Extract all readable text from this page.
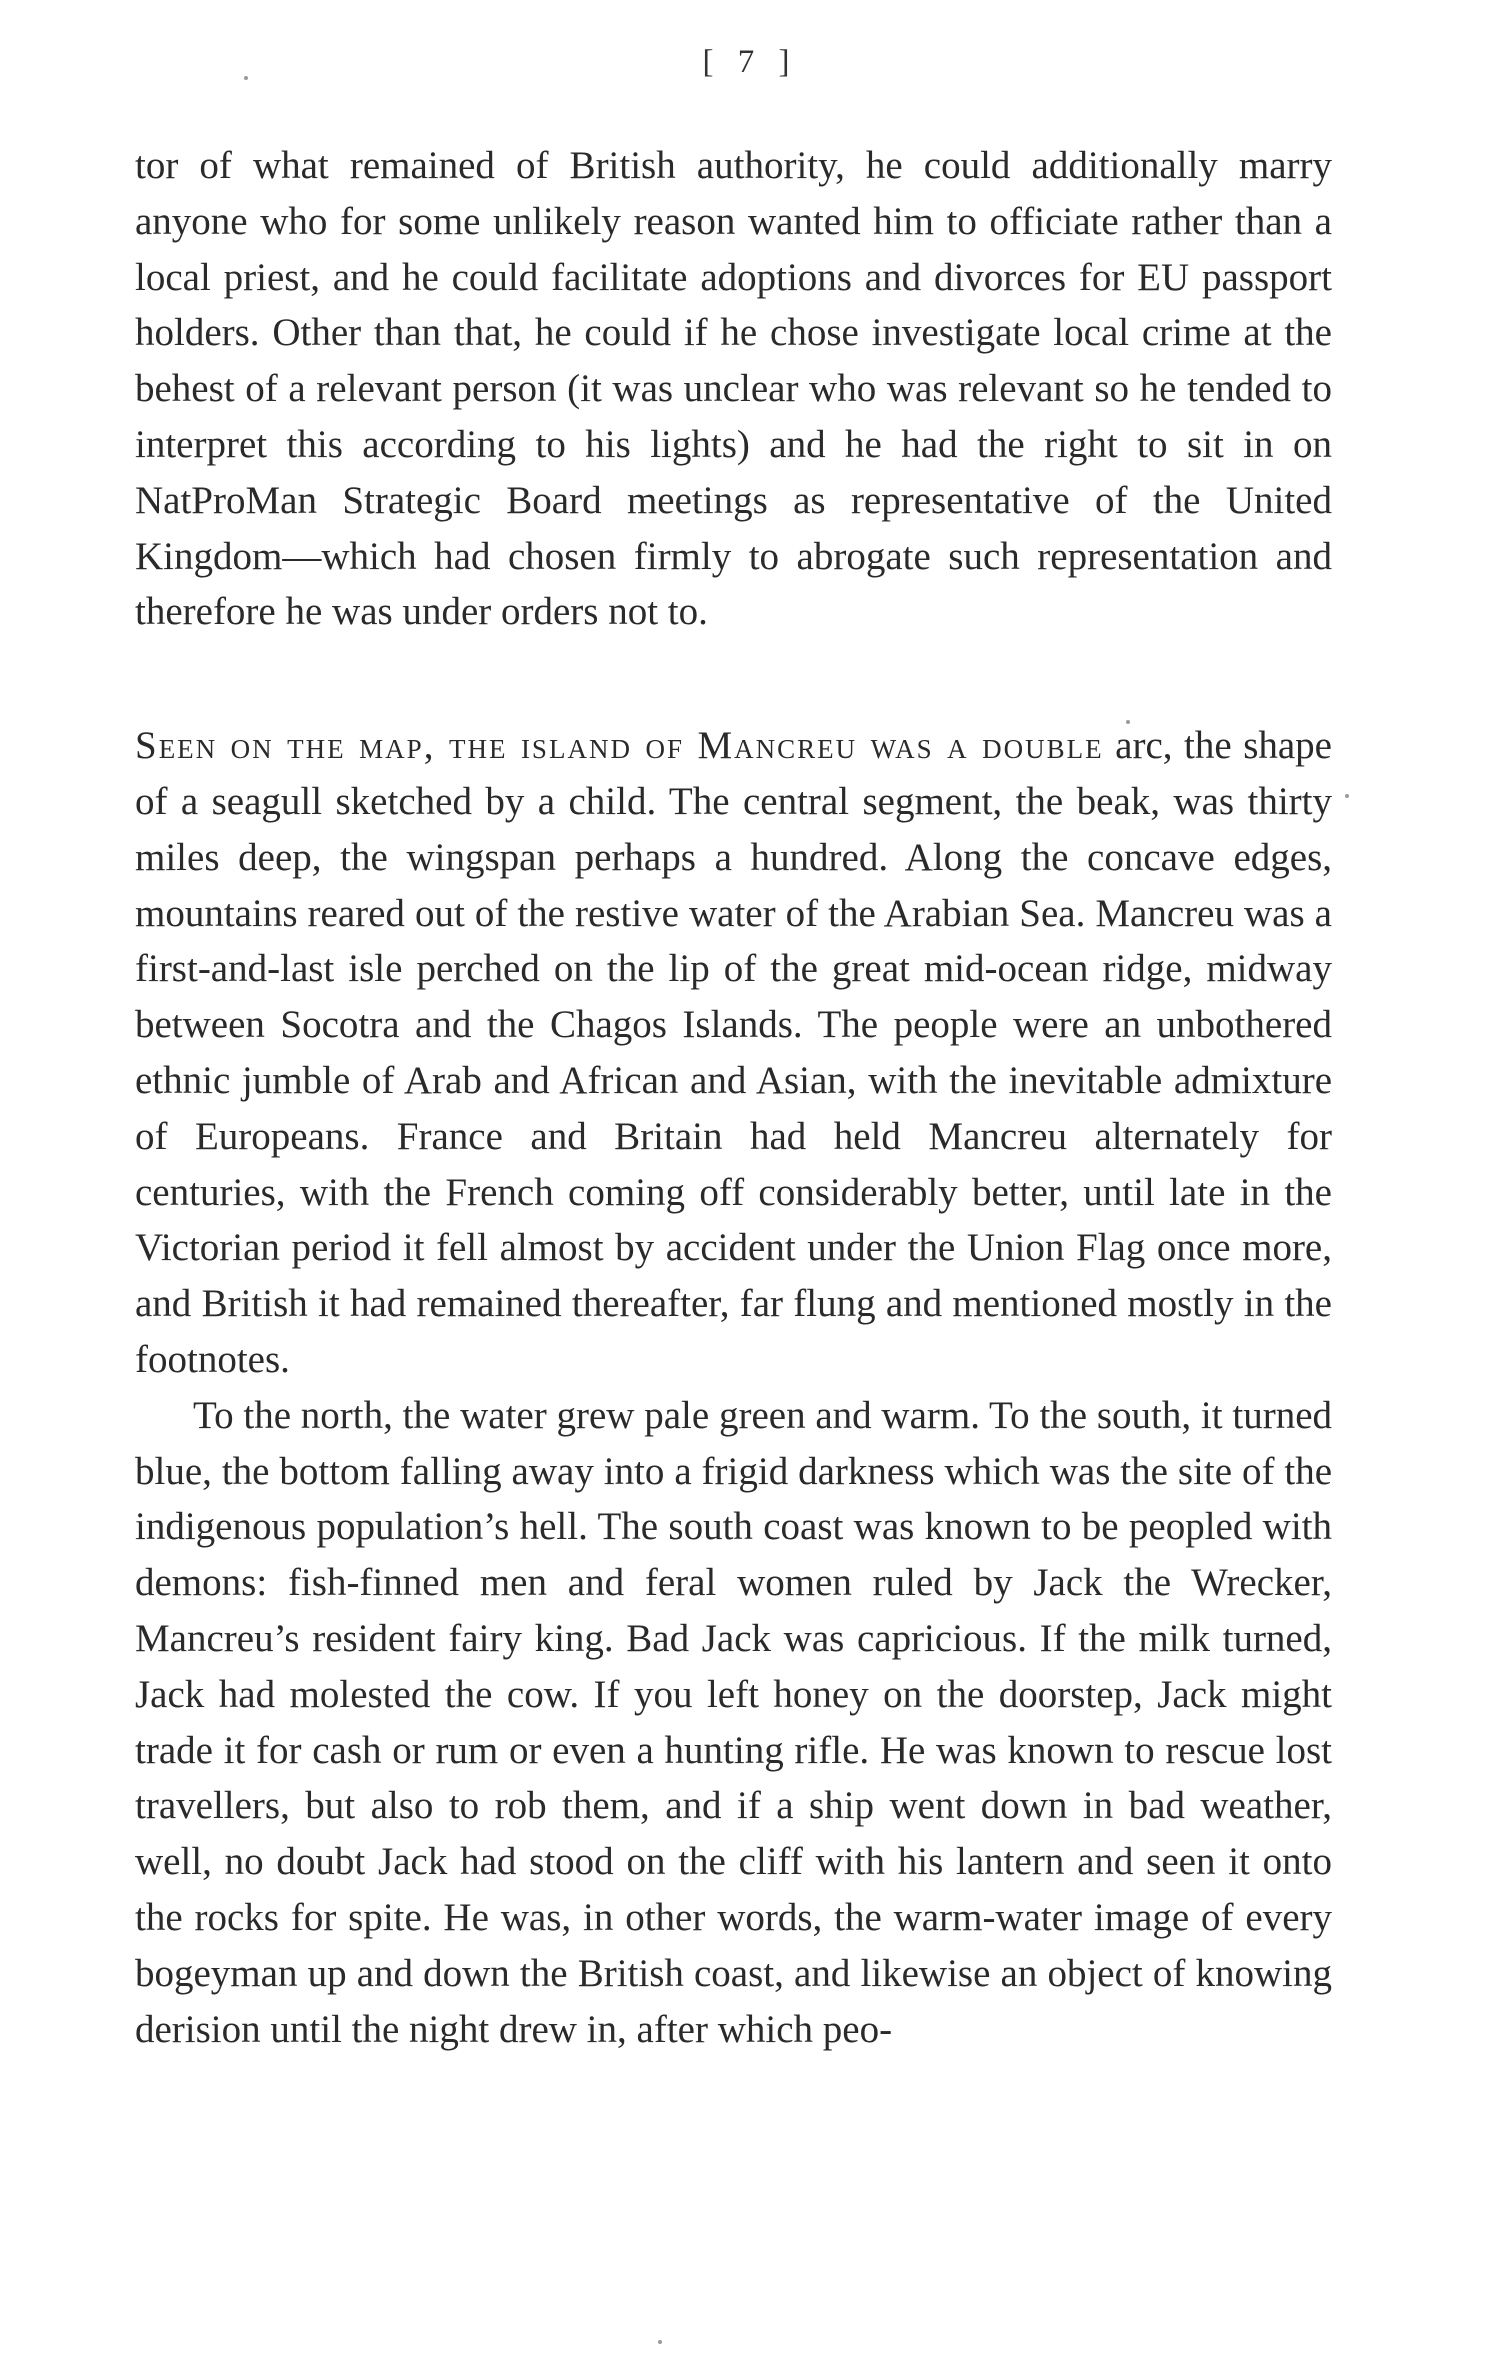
[ 7 ]

tor of what remained of British authority, he could additionally marry anyone who for some unlikely reason wanted him to officiate rather than a local priest, and he could facilitate adoptions and divorces for EU passport holders. Other than that, he could if he chose investigate local crime at the behest of a relevant person (it was unclear who was relevant so he tended to interpret this according to his lights) and he had the right to sit in on NatProMan Strategic Board meetings as representative of the United Kingdom—which had chosen firmly to abrogate such representation and therefore he was under orders not to.

Seen on the map, the island of Mancreu was a double arc, the shape of a seagull sketched by a child. The central segment, the beak, was thirty miles deep, the wingspan perhaps a hundred. Along the concave edges, mountains reared out of the restive water of the Arabian Sea. Mancreu was a first-and-last isle perched on the lip of the great mid-ocean ridge, midway between Socotra and the Chagos Islands. The people were an unbothered ethnic jumble of Arab and African and Asian, with the inevitable admixture of Europeans. France and Britain had held Mancreu alternately for centuries, with the French coming off considerably better, until late in the Victorian period it fell almost by accident under the Union Flag once more, and British it had remained thereafter, far flung and mentioned mostly in the footnotes.

To the north, the water grew pale green and warm. To the south, it turned blue, the bottom falling away into a frigid darkness which was the site of the indigenous population’s hell. The south coast was known to be peopled with demons: fish-finned men and feral women ruled by Jack the Wrecker, Mancreu’s resident fairy king. Bad Jack was capricious. If the milk turned, Jack had molested the cow. If you left honey on the doorstep, Jack might trade it for cash or rum or even a hunting rifle. He was known to rescue lost travellers, but also to rob them, and if a ship went down in bad weather, well, no doubt Jack had stood on the cliff with his lantern and seen it onto the rocks for spite. He was, in other words, the warm-water image of every bogeyman up and down the British coast, and likewise an object of knowing derision until the night drew in, after which peo-
